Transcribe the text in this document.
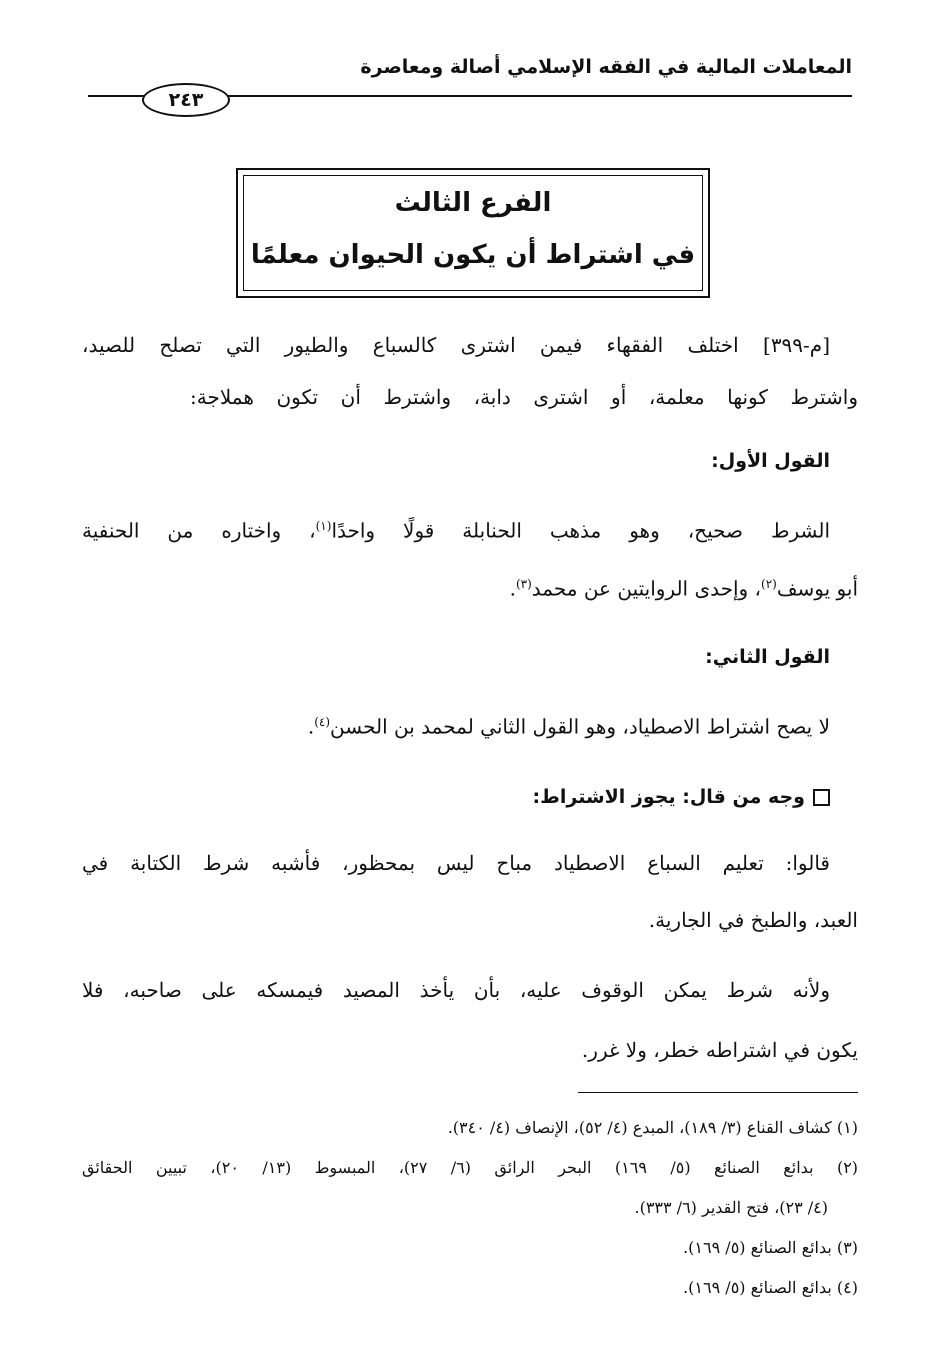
المعاملات المالية في الفقه الإسلامي أصالة ومعاصرة
٢٤٣
الفرع الثالث
في اشتراط أن يكون الحيوان معلمًا
[م-٣٩٩] اختلف الفقهاء فيمن اشترى كالسباع والطيور التي تصلح للصيد،
واشترط كونها معلمة، أو اشترى دابة، واشترط أن تكون هملاجة:
القول الأول:
الشرط صحيح، وهو مذهب الحنابلة قولًا واحدًا$^{(١)}$، واختاره من الحنفية
أبو يوسف$^{(٢)}$، وإحدى الروايتين عن محمد$^{(٣)}$.
القول الثاني:
لا يصح اشتراط الاصطياد، وهو القول الثاني لمحمد بن الحسن$^{(٤)}$.
وجه من قال: يجوز الاشتراط:
قالوا: تعليم السباع الاصطياد مباح ليس بمحظور، فأشبه شرط الكتابة في
العبد، والطبخ في الجارية.
ولأنه شرط يمكن الوقوف عليه، بأن يأخذ المصيد فيمسكه على صاحبه، فلا
يكون في اشتراطه خطر، ولا غرر.
(١) كشاف القناع (٣/ ١٨٩)، المبدع (٤/ ٥٢)، الإنصاف (٤/ ٣٤٠).
(٢) بدائع الصنائع (٥/ ١٦٩) البحر الرائق (٦/ ٢٧)، المبسوط (١٣/ ٢٠)، تبيين الحقائق
(٤/ ٢٣)، فتح القدير (٦/ ٣٣٣).
(٣) بدائع الصنائع (٥/ ١٦٩).
(٤) بدائع الصنائع (٥/ ١٦٩).
